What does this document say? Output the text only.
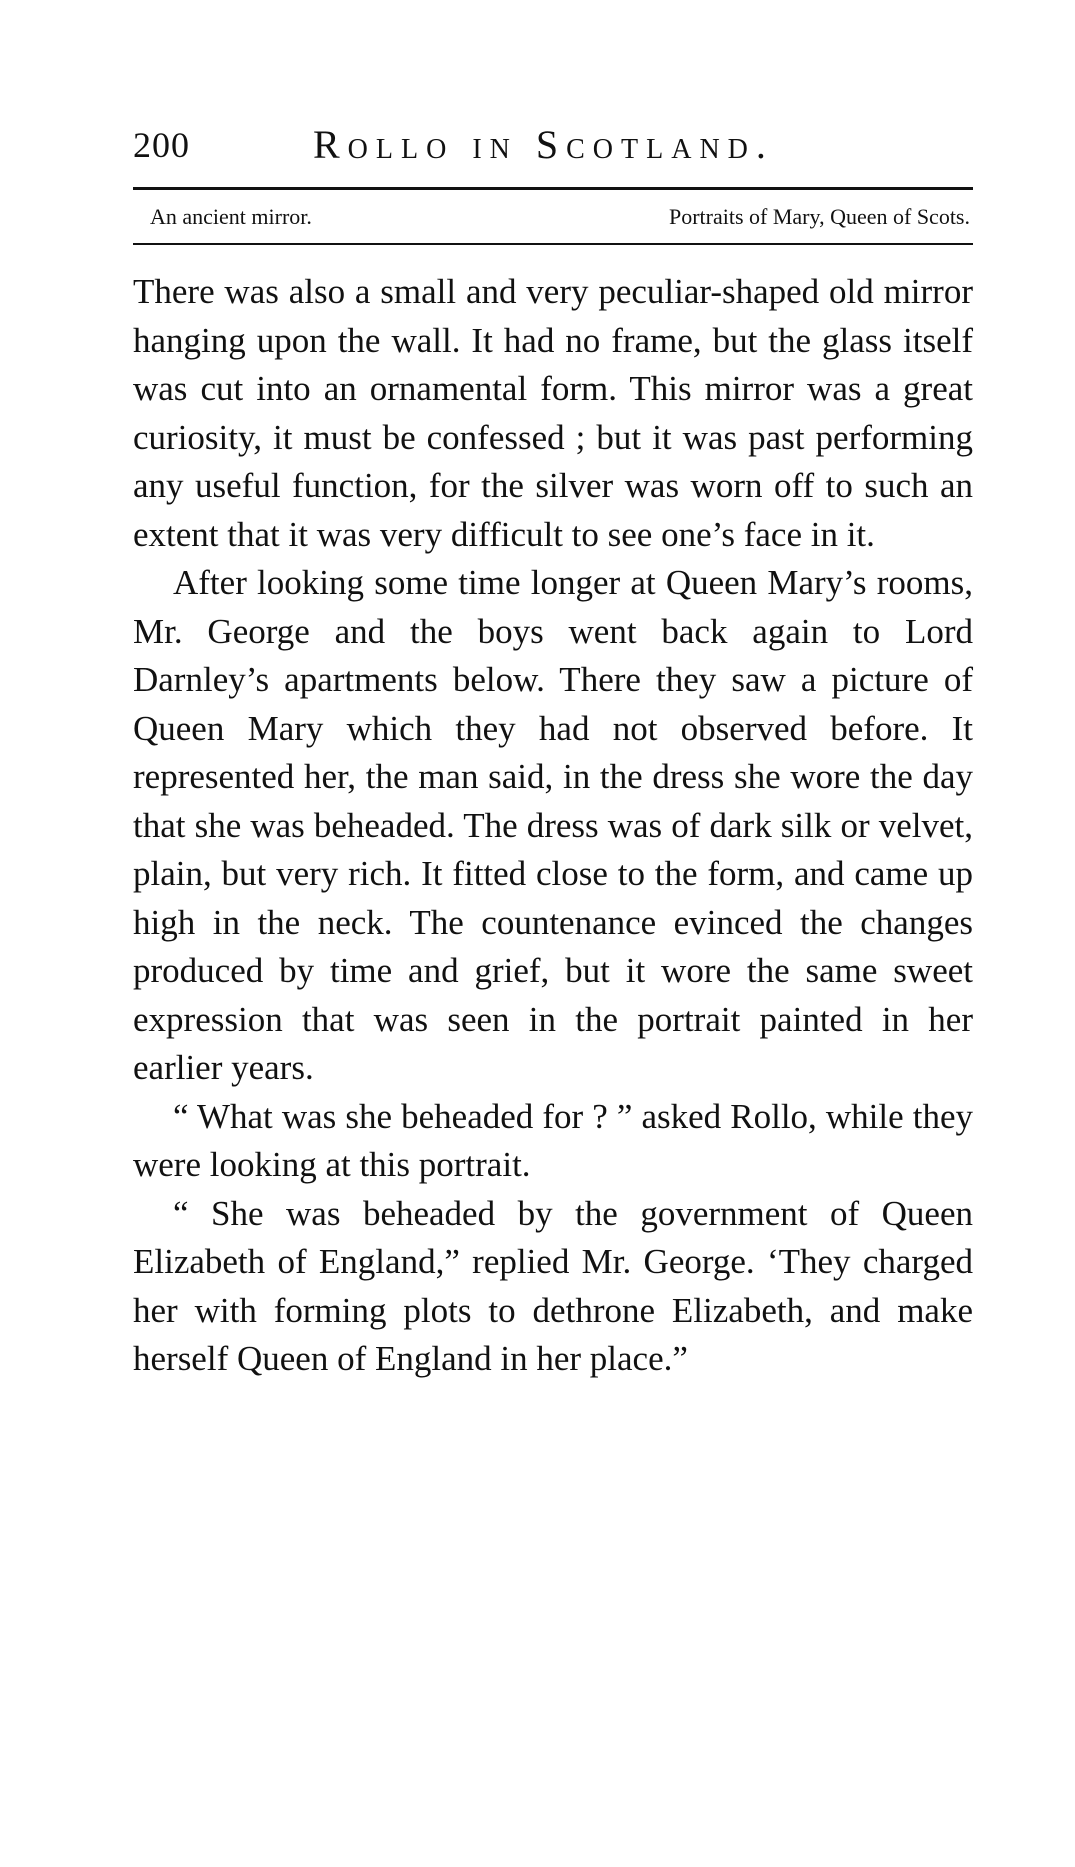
200	Rollo in Scotland.
An ancient mirror.	Portraits of Mary, Queen of Scots.

There was also a small and very peculiar-shaped old mirror hanging upon the wall. It had no frame, but the glass itself was cut into an ornamental form. This mirror was a great curiosity, it must be confessed ; but it was past performing any useful function, for the silver was worn off to such an extent that it was very difficult to see one’s face in it.

After looking some time longer at Queen Mary’s rooms, Mr. George and the boys went back again to Lord Darnley’s apartments below. There they saw a picture of Queen Mary which they had not observed before. It represented her, the man said, in the dress she wore the day that she was beheaded. The dress was of dark silk or velvet, plain, but very rich. It fitted close to the form, and came up high in the neck. The countenance evinced the changes produced by time and grief, but it wore the same sweet expression that was seen in the portrait painted in her earlier years.

“ What was she beheaded for ? ” asked Rollo, while they were looking at this portrait.

“ She was beheaded by the government of Queen Elizabeth of England,” replied Mr. George. ‘They charged her with forming plots to dethrone Elizabeth, and make herself Queen of England in her place.”
